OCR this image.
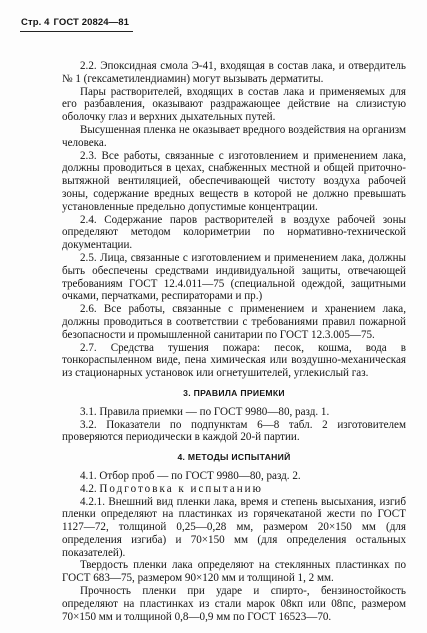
Стр. 4 ГОСТ 20824—81

2.2. Эпоксидная смола Э-41, входящая в состав лака, и отвердитель № 1 (гексаметилендиамин) могут вызывать дерматиты.

Пары растворителей, входящих в состав лака и применяемых для его разбавления, оказывают раздражающее действие на слизистую оболочку глаз и верхних дыхательных путей.

Высушенная пленка не оказывает вредного воздействия на организм человека.

2.3. Все работы, связанные с изготовлением и применением лака, должны проводиться в цехах, снабженных местной и общей приточно-вытяжной вентиляцией, обеспечивающей чистоту воздуха рабочей зоны, содержание вредных веществ в которой не должно превышать установленные предельно допустимые концентрации.

2.4. Содержание паров растворителей в воздухе рабочей зоны определяют методом колориметрии по нормативно-технической документации.

2.5. Лица, связанные с изготовлением и применением лака, должны быть обеспечены средствами индивидуальной защиты, отвечающей требованиям ГОСТ 12.4.011—75 (специальной одеждой, защитными очками, перчатками, респираторами и пр.)

2.6. Все работы, связанные с применением и хранением лака, должны проводиться в соответствии с требованиями правил пожарной безопасности и промышленной санитарии по ГОСТ 12.3.005—75.

2.7. Средства тушения пожара: песок, кошма, вода в тонкораспыленном виде, пена химическая или воздушно-механическая из стационарных установок или огнетушителей, углекислый газ.

3. ПРАВИЛА ПРИЕМКИ

3.1. Правила приемки — по ГОСТ 9980—80, разд. 1.

3.2. Показатели по подпунктам 6—8 табл. 2 изготовителем проверяются периодически в каждой 20-й партии.

4. МЕТОДЫ ИСПЫТАНИЙ

4.1. Отбор проб — по ГОСТ 9980—80, разд. 2.

4.2. Подготовка к испытанию

4.2.1. Внешний вид пленки лака, время и степень высыхания, изгиб пленки определяют на пластинках из горячекатаной жести по ГОСТ 1127—72, толщиной 0,25—0,28 мм, размером 20×150 мм (для определения изгиба) и 70×150 мм (для определения остальных показателей).

Твердость пленки лака определяют на стеклянных пластинках по ГОСТ 683—75, размером 90×120 мм и толщиной 1, 2 мм.

Прочность пленки при ударе и спирто-, бензиностойкость определяют на пластинках из стали марок 08кп или 08пс, размером 70×150 мм и толщиной 0,8—0,9 мм по ГОСТ 16523—70.
